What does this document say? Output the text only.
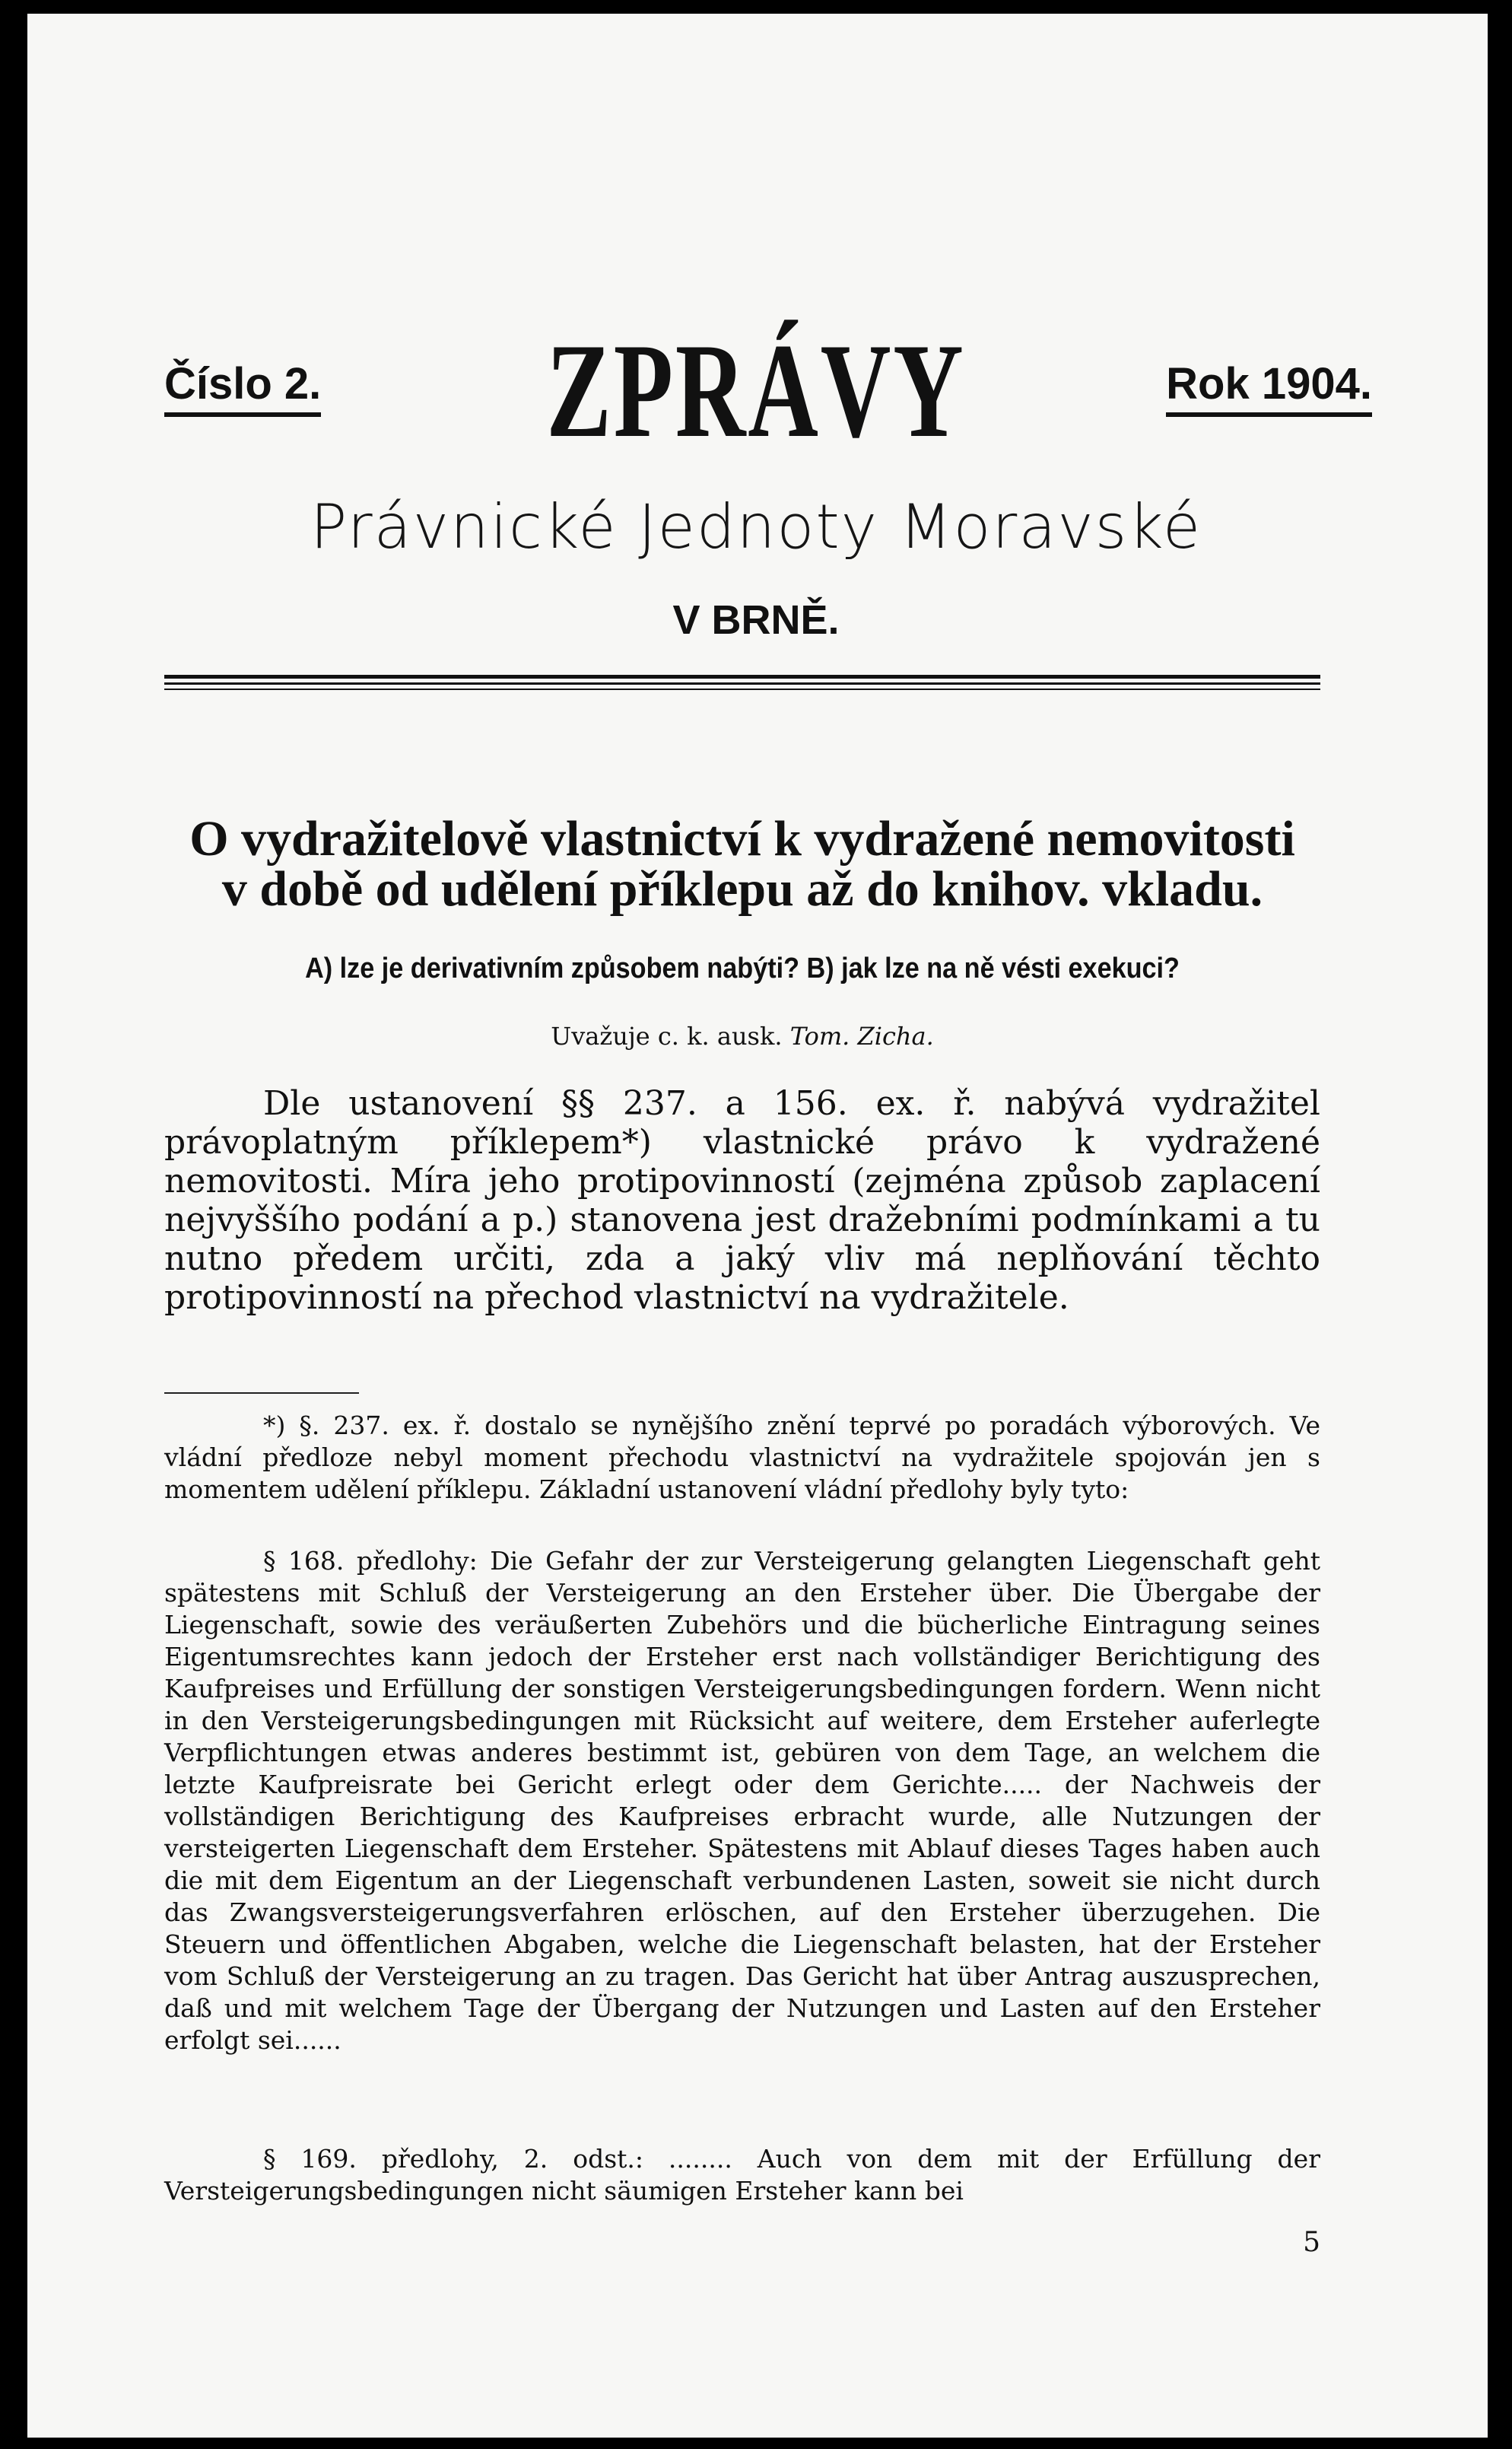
Číslo 2.	ZPRÁVY	Rok 1904.
Právnické Jednoty Moravské
V BRNĚ.
O vydražitelově vlastnictví k vydražené nemovitosti
v době od udělení příklepu až do knihov. vkladu.
A) lze je derivativním způsobem nabýti? B) jak lze na ně vésti exekuci?
Uvažuje c. k. ausk. Tom. Zicha.

Dle ustanovení §§ 237. a 156. ex. ř. nabývá vydražitel právoplatným příklepem*) vlastnické právo k vydražené nemovitosti. Míra jeho protipovinností (zejména způsob zaplacení nejvyššího podání a p.) stanovena jest dražebními podmínkami a tu nutno předem určiti, zda a jaký vliv má neplňování těchto protipovinností na přechod vlastnictví na vydražitele.

*) §. 237. ex. ř. dostalo se nynějšího znění teprvé po poradách výborových. Ve vládní předloze nebyl moment přechodu vlastnictví na vydražitele spojován jen s momentem udělení příklepu. Základní ustanovení vládní předlohy byly tyto:

§ 168. předlohy: Die Gefahr der zur Versteigerung gelangten Liegenschaft geht spätestens mit Schluß der Versteigerung an den Ersteher über. Die Übergabe der Liegenschaft, sowie des veräußerten Zubehörs und die bücherliche Eintragung seines Eigentumsrechtes kann jedoch der Ersteher erst nach vollständiger Berichtigung des Kaufpreises und Erfüllung der sonstigen Versteigerungsbedingungen fordern. Wenn nicht in den Versteigerungsbedingungen mit Rücksicht auf weitere, dem Ersteher auferlegte Verpflichtungen etwas anderes bestimmt ist, gebüren von dem Tage, an welchem die letzte Kaufpreisrate bei Gericht erlegt oder dem Gerichte..... der Nachweis der vollständigen Berichtigung des Kaufpreises erbracht wurde, alle Nutzungen der versteigerten Liegenschaft dem Ersteher. Spätestens mit Ablauf dieses Tages haben auch die mit dem Eigentum an der Liegenschaft verbundenen Lasten, soweit sie nicht durch das Zwangsversteigerungsverfahren erlöschen, auf den Ersteher überzugehen. Die Steuern und öffentlichen Abgaben, welche die Liegenschaft belasten, hat der Ersteher vom Schluß der Versteigerung an zu tragen. Das Gericht hat über Antrag auszusprechen, daß und mit welchem Tage der Übergang der Nutzungen und Lasten auf den Ersteher erfolgt sei......

§ 169. předlohy, 2. odst.: ........ Auch von dem mit der Erfüllung der Versteigerungsbedingungen nicht säumigen Ersteher kann bei

5
